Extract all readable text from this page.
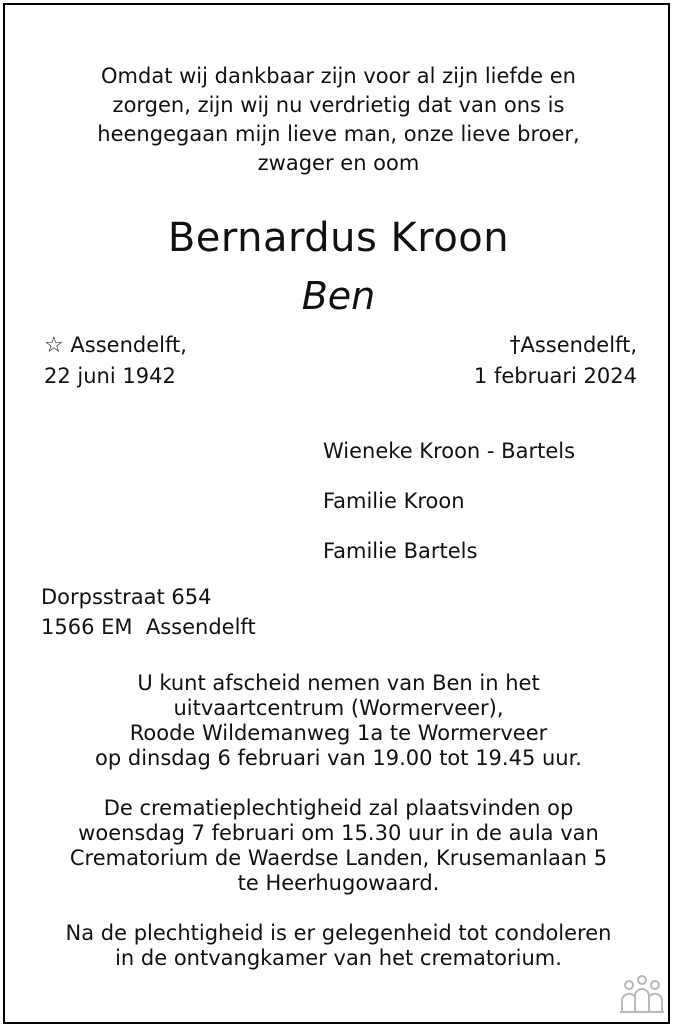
Omdat wij dankbaar zijn voor al zijn liefde en
zorgen, zijn wij nu verdrietig dat van ons is
heengegaan mijn lieve man, onze lieve broer,
zwager en oom
Bernardus Kroon
Ben
☆ Assendelft,
22 juni 1942
†Assendelft,
1 februari 2024
Wieneke Kroon - Bartels
Familie Kroon
Familie Bartels
Dorpsstraat 654
1566 EM  Assendelft
U kunt afscheid nemen van Ben in het
uitvaartcentrum (Wormerveer),
Roode Wildemanweg 1a te Wormerveer
op dinsdag 6 februari van 19.00 tot 19.45 uur.
De crematieplechtigheid zal plaatsvinden op
woensdag 7 februari om 15.30 uur in de aula van
Crematorium de Waerdse Landen, Krusemanlaan 5
te Heerhugowaard.
Na de plechtigheid is er gelegenheid tot condoleren
in de ontvangkamer van het crematorium.
